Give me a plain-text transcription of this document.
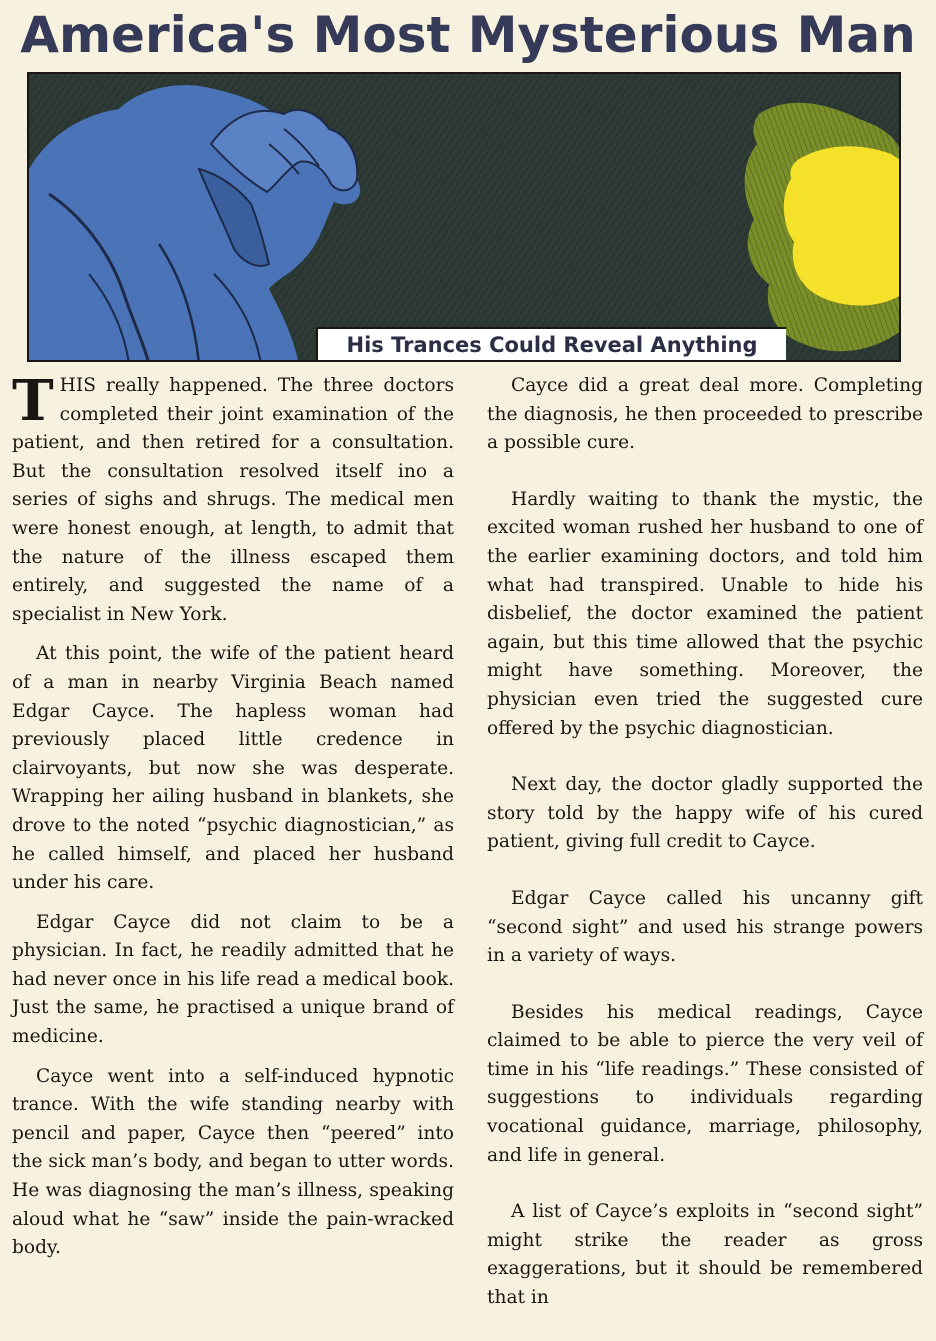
America's Most Mysterious Man
His Trances Could Reveal Anything

THIS really happened. The three doctors completed their joint examination of the patient, and then retired for a consultation. But the consultation resolved itself ino a series of sighs and shrugs. The medical men were honest enough, at length, to admit that the nature of the illness escaped them entirely, and suggested the name of a specialist in New York.

At this point, the wife of the patient heard of a man in nearby Virginia Beach named Edgar Cayce. The hapless woman had previously placed little credence in clairvoyants, but now she was desperate. Wrapping her ailing husband in blankets, she drove to the noted “psychic diagnostician,” as he called himself, and placed her husband under his care.

Edgar Cayce did not claim to be a physician. In fact, he readily admitted that he had never once in his life read a medical book. Just the same, he practised a unique brand of medicine.

Cayce went into a self-induced hypnotic trance. With the wife standing nearby with pencil and paper, Cayce then “peered” into the sick man’s body, and began to utter words. He was diagnosing the man’s illness, speaking aloud what he “saw” inside the pain-wracked body.

Cayce did a great deal more. Completing the diagnosis, he then proceeded to prescribe a possible cure.

Hardly waiting to thank the mystic, the excited woman rushed her husband to one of the earlier examining doctors, and told him what had transpired. Unable to hide his disbelief, the doctor examined the patient again, but this time allowed that the psychic might have something. Moreover, the physician even tried the suggested cure offered by the psychic diagnostician.

Next day, the doctor gladly supported the story told by the happy wife of his cured patient, giving full credit to Cayce.

Edgar Cayce called his uncanny gift “second sight” and used his strange powers in a variety of ways.

Besides his medical readings, Cayce claimed to be able to pierce the very veil of time in his “life readings.” These consisted of suggestions to individuals regarding vocational guidance, marriage, philosophy, and life in general.

A list of Cayce’s exploits in “second sight” might strike the reader as gross exaggerations, but it should be remembered that in
